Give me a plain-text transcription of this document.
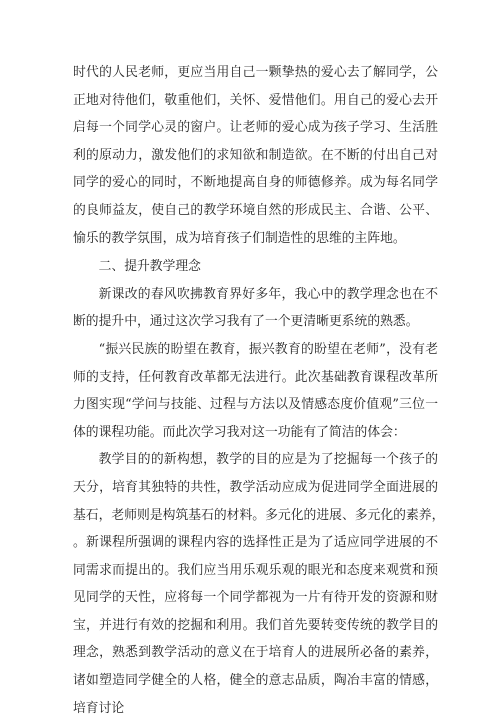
时代的人民老师，更应当用自己一颗挚热的爱心去了解同学，公正地对待他们，敬重他们，关怀、爱惜他们。用自己的爱心去开启每一个同学心灵的窗户。让老师的爱心成为孩子学习、生活胜利的原动力，激发他们的求知欲和制造欲。在不断的付出自己对同学的爱心的同时，不断地提高自身的师德修养。成为每名同学的良师益友，使自己的教学环境自然的形成民主、合谐、公平、愉乐的教学氛围，成为培育孩子们制造性的思维的主阵地。

二、提升教学理念

新课改的春风吹拂教育界好多年，我心中的教学理念也在不断的提升中，通过这次学习我有了一个更清晰更系统的熟悉。

“振兴民族的盼望在教育，振兴教育的盼望在老师”，没有老师的支持，任何教育改革都无法进行。此次基础教育课程改革所力图实现“学问与技能、过程与方法以及情感态度价值观”三位一体的课程功能。而此次学习我对这一功能有了简洁的体会：

教学目的的新构想，教学的目的应是为了挖掘每一个孩子的天分，培育其独特的共性，教学活动应成为促进同学全面进展的基石，老师则是构筑基石的材料。多元化的进展、多元化的素养，。新课程所强调的课程内容的选择性正是为了适应同学进展的不同需求而提出的。我们应当用乐观乐观的眼光和态度来观赏和预见同学的天性，应将每一个同学都视为一片有待开发的资源和财宝，并进行有效的挖掘和利用。我们首先要转变传统的教学目的理念，熟悉到教学活动的意义在于培育人的进展所必备的素养，诸如塑造同学健全的人格，健全的意志品质，陶冶丰富的情感，培育讨论
